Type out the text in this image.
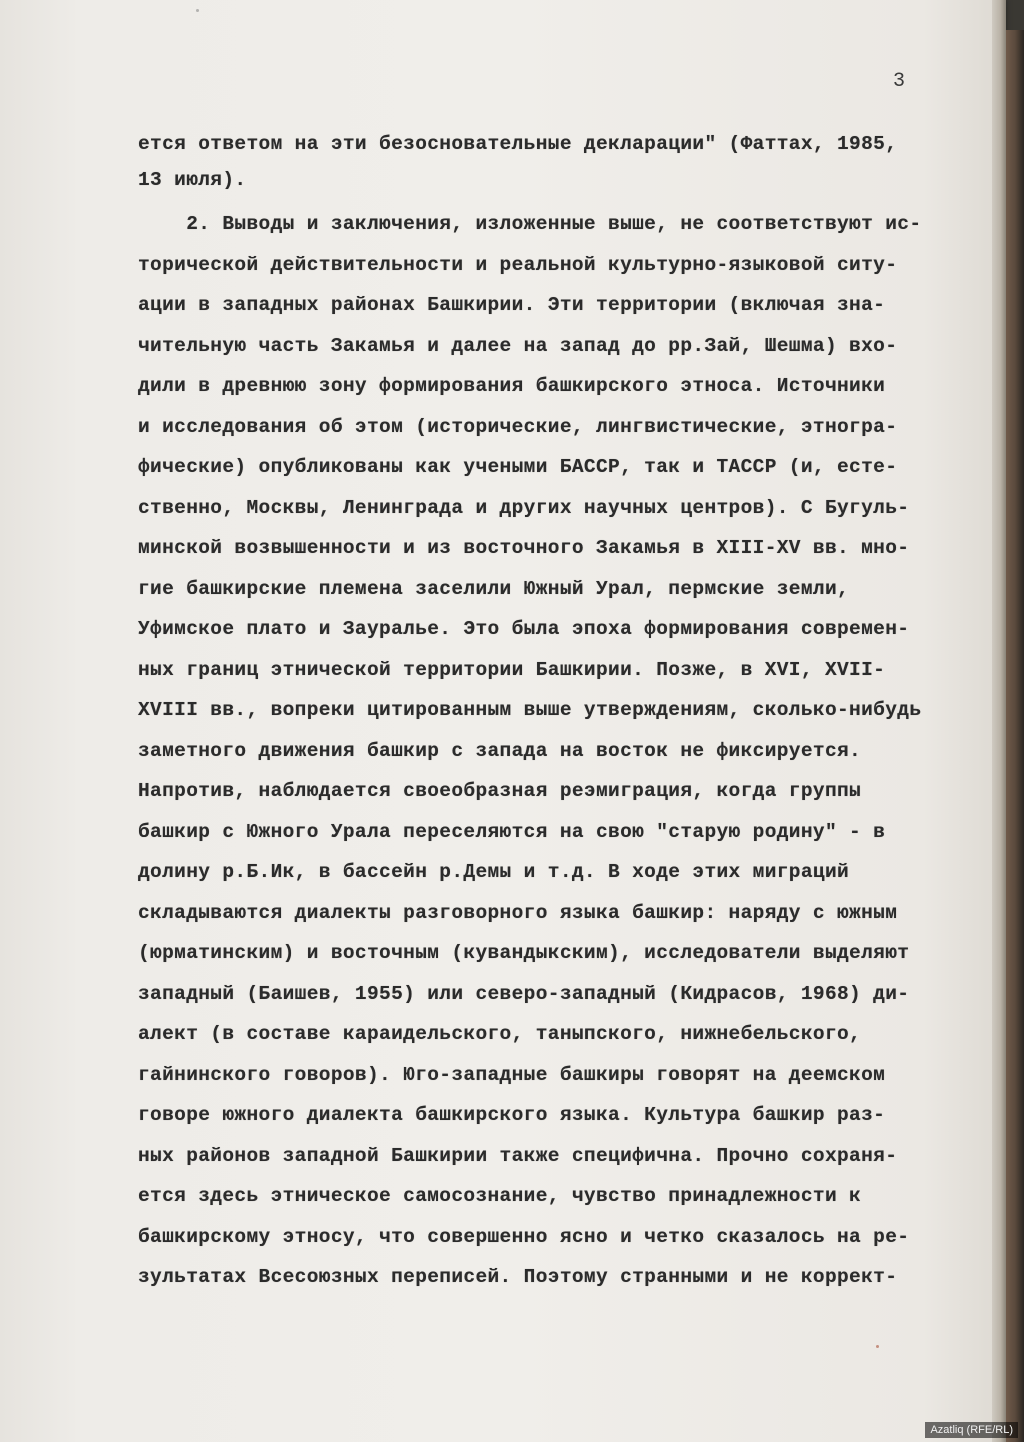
3
ется ответом на эти безосновательные декларации" (Фаттах, 1985,
13 июля).
2. Выводы и заключения, изложенные выше, не соответствуют ис-
торической действительности и реальной культурно-языковой ситу-
ации в западных районах Башкирии. Эти территории (включая зна-
чительную часть Закамья и далее на запад до рр.Зай, Шешма) вхо-
дили в древнюю зону формирования башкирского этноса. Источники
и исследования об этом (исторические, лингвистические, этногра-
фические) опубликованы как учеными БАССР, так и ТАССР (и, есте-
ственно, Москвы, Ленинграда и других научных центров). С Бугуль-
минской возвышенности и из восточного Закамья в XIII-XV вв. мно-
гие башкирские племена заселили Южный Урал, пермские земли,
Уфимское плато и Зауралье. Это была эпоха формирования современ-
ных границ этнической территории Башкирии. Позже, в XVI, XVII-
XVIII вв., вопреки цитированным выше утверждениям, сколько-нибудь
заметного движения башкир с запада на восток не фиксируется.
Напротив, наблюдается своеобразная реэмиграция, когда группы
башкир с Южного Урала переселяются на свою "старую родину" - в
долину р.Б.Ик, в бассейн р.Демы и т.д. В ходе этих миграций
складываются диалекты разговорного языка башкир: наряду с южным
(юрматинским) и восточным (кувандыкским), исследователи выделяют
западный (Баишев, 1955) или северо-западный (Кидрасов, 1968) ди-
алект (в составе караидельского, таныпского, нижнебельского,
гайнинского говоров). Юго-западные башкиры говорят на деемском
говоре южного диалекта башкирского языка. Культура башкир раз-
ных районов западной Башкирии также специфична. Прочно сохраня-
ется здесь этническое самосознание, чувство принадлежности к
башкирскому этносу, что совершенно ясно и четко сказалось на ре-
зультатах Всесоюзных переписей. Поэтому странными и не коррект-
Azatliq (RFE/RL)
